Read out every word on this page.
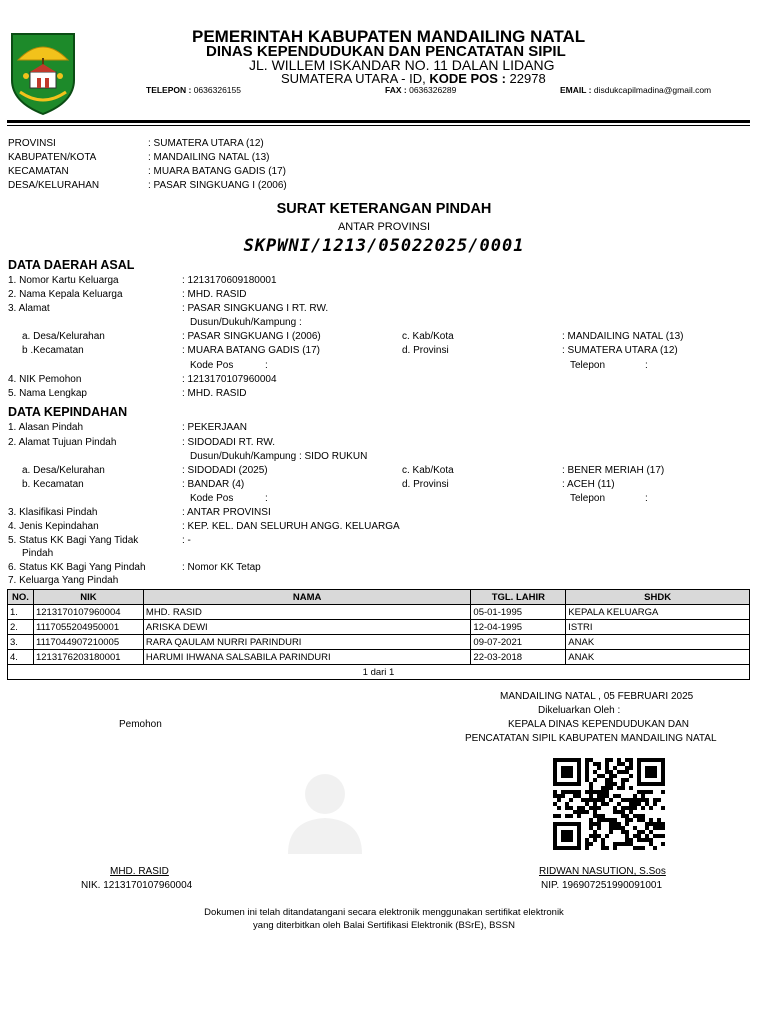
PEMERINTAH KABUPATEN MANDAILING NATAL
DINAS KEPENDUDUKAN DAN PENCATATAN SIPIL
JL. WILLEM ISKANDAR NO. 11 DALAN LIDANG
SUMATERA UTARA - ID, KODE POS : 22978
TELEPON : 0636326155	FAX : 0636326289	EMAIL : disdukcapilmadina@gmail.com
PROVINSI	: SUMATERA UTARA (12)
KABUPATEN/KOTA	: MANDAILING NATAL (13)
KECAMATAN	: MUARA BATANG GADIS (17)
DESA/KELURAHAN	: PASAR SINGKUANG I (2006)
SURAT KETERANGAN PINDAH
ANTAR PROVINSI
SKPWNI/1213/05022025/0001
DATA DAERAH ASAL
1. Nomor Kartu Keluarga	: 1213170609180001
2. Nama Kepala Keluarga	: MHD. RASID
3. Alamat	: PASAR SINGKUANG I RT. RW.
Dusun/Dukuh/Kampung :
a. Desa/Kelurahan	: PASAR SINGKUANG I (2006)	c. Kab/Kota	: MANDAILING NATAL (13)
b .Kecamatan	: MUARA BATANG GADIS (17)	d. Provinsi	: SUMATERA UTARA (12)
Kode Pos	:	Telepon	:
4. NIK Pemohon	: 1213170107960004
5. Nama Lengkap	: MHD. RASID
DATA KEPINDAHAN
1. Alasan Pindah	: PEKERJAAN
2. Alamat Tujuan Pindah	: SIDODADI RT. RW.
Dusun/Dukuh/Kampung : SIDO RUKUN
a. Desa/Kelurahan	: SIDODADI (2025)	c. Kab/Kota	: BENER MERIAH (17)
b. Kecamatan	: BANDAR (4)	d. Provinsi	: ACEH (11)
Kode Pos	:	Telepon	:
3. Klasifikasi Pindah	: ANTAR PROVINSI
4. Jenis Kepindahan	: KEP. KEL. DAN SELURUH ANGG. KELUARGA
5. Status KK Bagi Yang Tidak	: -
Pindah
6. Status KK Bagi Yang Pindah	: Nomor KK Tetap
7. Keluarga Yang Pindah
NO.	NIK	NAMA	TGL. LAHIR	SHDK
1.	1213170107960004	MHD. RASID	05-01-1995	KEPALA KELUARGA
2.	1117055204950001	ARISKA DEWI	12-04-1995	ISTRI
3.	1117044907210005	RARA QAULAM NURRI PARINDURI	09-07-2021	ANAK
4.	1213176203180001	HARUMI IHWANA SALSABILA PARINDURI	22-03-2018	ANAK
1 dari 1				
MANDAILING NATAL , 05 FEBRUARI 2025
Dikeluarkan Oleh :
KEPALA DINAS KEPENDUDUKAN DAN
PENCATATAN SIPIL KABUPATEN MANDAILING NATAL
Pemohon
MHD. RASID
NIK. 1213170107960004
RIDWAN NASUTION, S.Sos
NIP. 196907251990091001
Dokumen ini telah ditandatangani secara elektronik menggunakan sertifikat elektronik
yang diterbitkan oleh Balai Sertifikasi Elektronik (BSrE), BSSN
